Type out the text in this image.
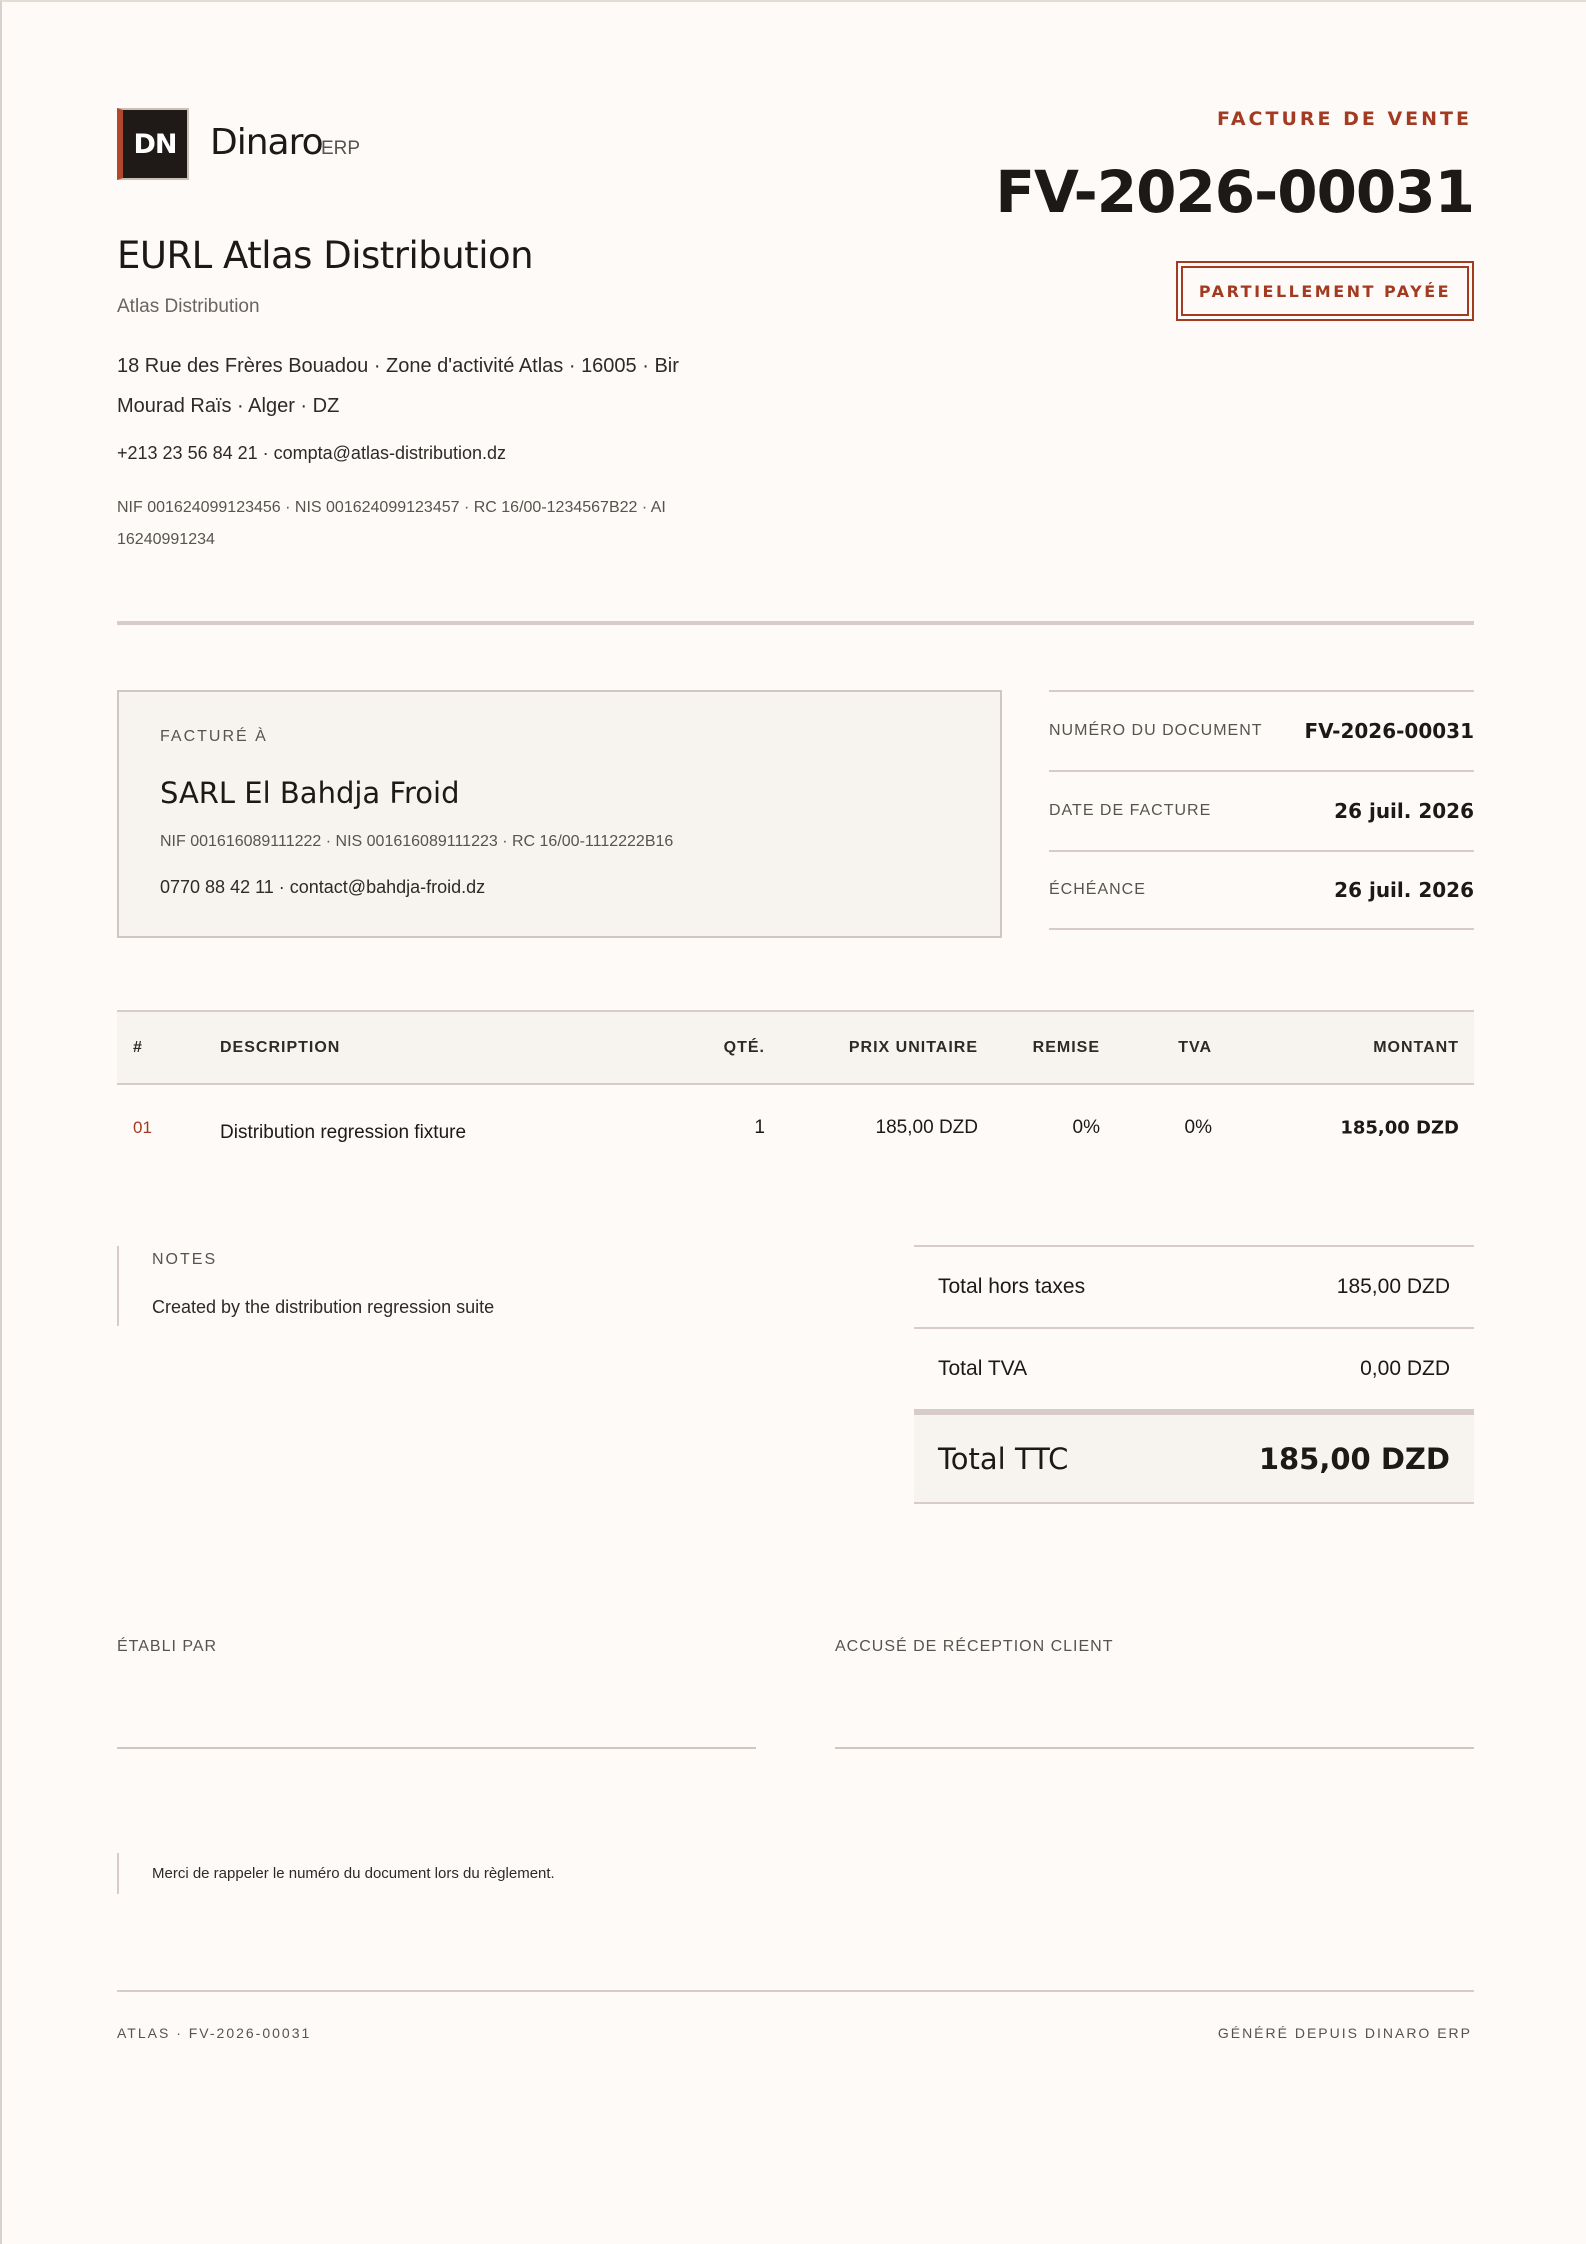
DN Dinaro
ERP
FACTURE DE VENTE
FV-2026-00031
PARTIELLEMENT PAYÉE
EURL Atlas Distribution
Atlas Distribution
18 Rue des Frères Bouadou · Zone d'activité Atlas · 16005 · Bir Mourad Raïs · Alger · DZ
+213 23 56 84 21 · compta@atlas-distribution.dz
NIF 001624099123456 · NIS 001624099123457 · RC 16/00-1234567B22 · AI 16240991234
FACTURÉ À
SARL El Bahdja Froid
NIF 001616089111222 · NIS 001616089111223 · RC 16/00-1112222B16
0770 88 42 11 · contact@bahdja-froid.dz
NUMÉRO DU DOCUMENT FV-2026-00031
DATE DE FACTURE	26 juil. 2026
ÉCHÉANCE	26 juil. 2026
#	DESCRIPTION	QTÉ.	PRIX UNITAIRE	REMISE	TVA	MONTANT
01	Distribution regression fixture	1	185,00 DZD	0%	0%	185,00 DZD
NOTES
Created by the distribution regression suite
Total hors taxes	185,00 DZD
Total TVA	0,00 DZD
Total TTC	185,00 DZD
ÉTABLI PAR	ACCUSÉ DE RÉCEPTION CLIENT
Merci de rappeler le numéro du document lors du règlement.
ATLAS · FV-2026-00031	GÉNÉRÉ DEPUIS DINARO ERP
